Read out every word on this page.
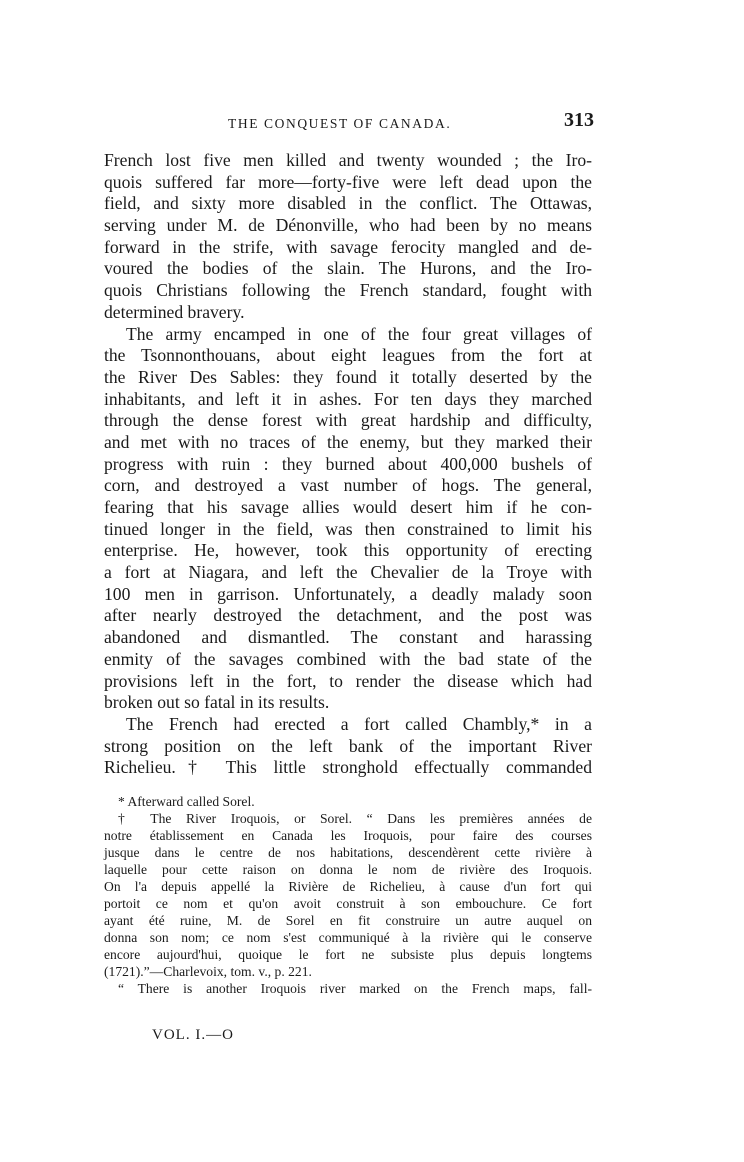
THE CONQUEST OF CANADA.	313
French lost five men killed and twenty wounded ; the Iro-
quois suffered far more—forty-five were left dead upon the
field, and sixty more disabled in the conflict. The Ottawas,
serving under M. de Dénonville, who had been by no means
forward in the strife, with savage ferocity mangled and de-
voured the bodies of the slain. The Hurons, and the Iro-
quois Christians following the French standard, fought with
determined bravery.
The army encamped in one of the four great villages of
the Tsonnonthouans, about eight leagues from the fort at
the River Des Sables: they found it totally deserted by the
inhabitants, and left it in ashes. For ten days they marched
through the dense forest with great hardship and difficulty,
and met with no traces of the enemy, but they marked their
progress with ruin : they burned about 400,000 bushels of
corn, and destroyed a vast number of hogs. The general,
fearing that his savage allies would desert him if he con-
tinued longer in the field, was then constrained to limit his
enterprise. He, however, took this opportunity of erecting
a fort at Niagara, and left the Chevalier de la Troye with
100 men in garrison. Unfortunately, a deadly malady soon
after nearly destroyed the detachment, and the post was
abandoned and dismantled. The constant and harassing
enmity of the savages combined with the bad state of the
provisions left in the fort, to render the disease which had
broken out so fatal in its results.
The French had erected a fort called Chambly,* in a
strong position on the left bank of the important River
Richelieu.† This little stronghold effectually commanded
* Afterward called Sorel.
† The River Iroquois, or Sorel. “ Dans les premières années de
notre établissement en Canada les Iroquois, pour faire des courses
jusque dans le centre de nos habitations, descendèrent cette rivière à
laquelle pour cette raison on donna le nom de rivière des Iroquois.
On l'a depuis appellé la Rivière de Richelieu, à cause d'un fort qui
portoit ce nom et qu'on avoit construit à son embouchure. Ce fort
ayant été ruine, M. de Sorel en fit construire un autre auquel on
donna son nom; ce nom s'est communiqué à la rivière qui le conserve
encore aujourd'hui, quoique le fort ne subsiste plus depuis longtems
(1721).”—Charlevoix, tom. v., p. 221.
“ There is another Iroquois river marked on the French maps, fall-
VOL. I.—O
